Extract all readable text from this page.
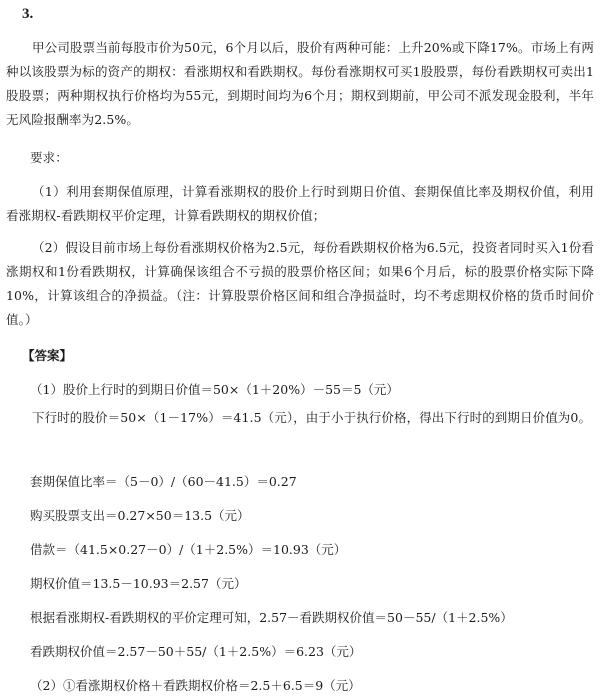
3.
甲公司股票当前每股市价为50元，6个月以后，股价有两种可能：上升20%或下降17%。市场上有两种以该股票为标的资产的期权：看涨期权和看跌期权。每份看涨期权可买1股股票，每份看跌期权可卖出1股股票；两种期权执行价格均为55元，到期时间均为6个月；期权到期前，甲公司不派发现金股利，半年无风险报酬率为2.5%。
要求：
（1）利用套期保值原理，计算看涨期权的股价上行时到期日价值、套期保值比率及期权价值，利用看涨期权-看跌期权平价定理，计算看跌期权的期权价值；
（2）假设目前市场上每份看涨期权价格为2.5元，每份看跌期权价格为6.5元，投资者同时买入1份看涨期权和1份看跌期权，计算确保该组合不亏损的股票价格区间；如果6个月后，标的股票价格实际下降10%，计算该组合的净损益。（注：计算股票价格区间和组合净损益时，均不考虑期权价格的货币时间价值。）
【答案】
（1）股价上行时的到期日价值＝50×（1＋20%）－55＝5（元）
下行时的股价＝50×（1－17%）＝41.5（元），由于小于执行价格，得出下行时的到期日价值为0。
套期保值比率＝（5－0）/（60－41.5）＝0.27
购买股票支出＝0.27×50＝13.5（元）
借款＝（41.5×0.27－0）/（1＋2.5%）＝10.93（元）
期权价值＝13.5－10.93＝2.57（元）
根据看涨期权-看跌期权的平价定理可知，2.57－看跌期权价值＝50－55/（1＋2.5%）
看跌期权价值＝2.57－50＋55/（1＋2.5%）＝6.23（元）
（2）①看涨期权价格＋看跌期权价格＝2.5＋6.5＝9（元）
